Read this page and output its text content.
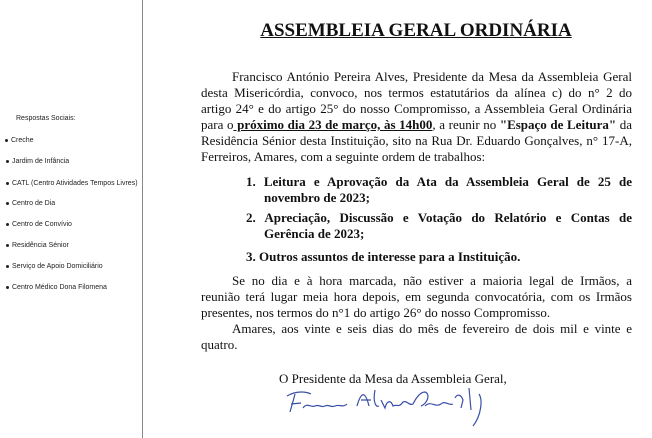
Respostas Sociais:
Creche
Jardim de Infância
CATL (Centro Atividades Tempos Livres)
Centro de Dia
Centro de Convívio
Residência Sénior
Serviço de Apoio Domiciliário
Centro Médico Dona Filomena
ASSEMBLEIA GERAL ORDINÁRIA
Francisco António Pereira Alves, Presidente da Mesa da Assembleia Geral
desta Misericórdia, convoco, nos termos estatutários da alínea c) do n° 2 do
artigo 24° e do artigo 25° do nosso Compromisso, a Assembleia Geral Ordinária
para o próximo dia 23 de março, às 14h00, a reunir no "Espaço de Leitura" da
Residência Sénior desta Instituição, sito na Rua Dr. Eduardo Gonçalves, n° 17-A,
Ferreiros, Amares, com a seguinte ordem de trabalhos:
1. Leitura e Aprovação da Ata da Assembleia Geral de 25 de
novembro de 2023;
2. Apreciação, Discussão e Votação do Relatório e Contas de
Gerência de 2023;
3. Outros assuntos de interesse para a Instituição.
Se no dia e à hora marcada, não estiver a maioria legal de Irmãos, a
reunião terá lugar meia hora depois, em segunda convocatória, com os Irmãos
presentes, nos termos do n°1 do artigo 26° do nosso Compromisso.
Amares, aos vinte e seis dias do mês de fevereiro de dois mil e vinte e
quatro.
O Presidente da Mesa da Assembleia Geral,
